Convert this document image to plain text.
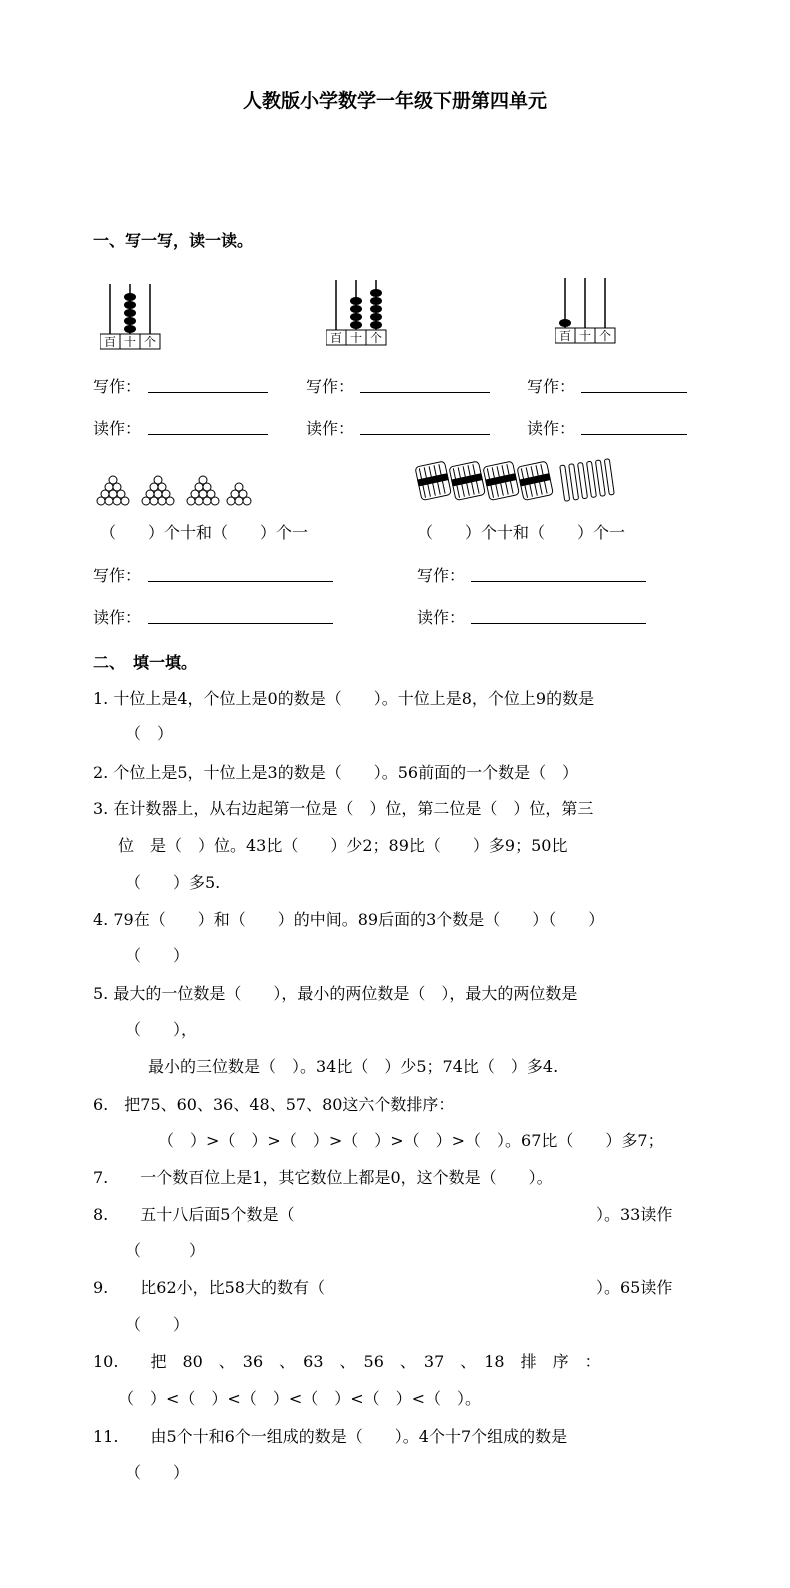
人教版小学数学一年级下册第四单元
一、写一写，读一读。
百 十 个	百 十 个	百 十 个
写作：	写作：	写作：
读作：	读作：	读作：
（　　）个十和（　　）个一	（　　）个十和（　　）个一
写作：	写作：
读作：	读作：
二、　填一填。
1. 十位上是4，个位上是0的数是（　　）。十位上是8，个位上9的数是
（　）
2. 个位上是5，十位上是3的数是（　　）。56前面的一个数是（　）
3. 在计数器上，从右边起第一位是（　）位，第二位是（　）位，第三
位　是（　）位。43比（　　）少2；89比（　　）多9；50比
（　　）多5.
4. 79在（　　）和（　　）的中间。89后面的3个数是（　　）（　　）
（　　）
5. 最大的一位数是（　　），最小的两位数是（　），最大的两位数是
（　　），
最小的三位数是（　）。34比（　）少5；74比（　）多4.
6.　把75、60、36、48、57、80这六个数排序：
（　）>（　）>（　）>（　）>（　）>（　）。67比（　　）多7；
7.　　一个数百位上是1，其它数位上都是0，这个数是（　　）。
8.　　五十八后面5个数是（	）。33读作
（　　　）
9.　　比62小，比58大的数有（	）。65读作
（　　）
10.　　把　80　、　36　、　63　、　56　、　37　、　18　排　序　：
（　）<（　）<（　）<（　）<（　）<（　）。
11.　　由5个十和6个一组成的数是（　　）。4个十7个组成的数是
（　　）
